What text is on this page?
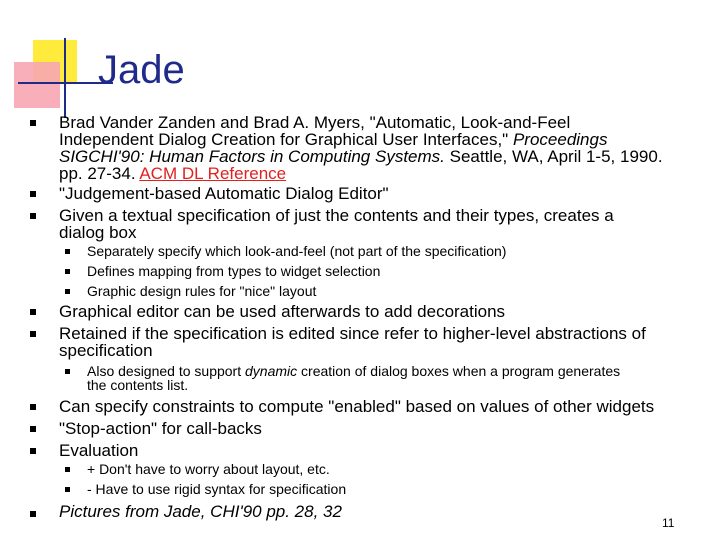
Jade
Brad Vander Zanden and Brad A. Myers, "Automatic, Look-and-Feel
Independent Dialog Creation for Graphical User Interfaces," Proceedings
SIGCHI'90: Human Factors in Computing Systems. Seattle, WA, April 1-5, 1990.
pp. 27-34. ACM DL Reference
"Judgement-based Automatic Dialog Editor"
Given a textual specification of just the contents and their types, creates a
dialog box
Separately specify which look-and-feel (not part of the specification)
Defines mapping from types to widget selection
Graphic design rules for "nice" layout
Graphical editor can be used afterwards to add decorations
Retained if the specification is edited since refer to higher-level abstractions of
specification
Also designed to support dynamic creation of dialog boxes when a program generates
the contents list.
Can specify constraints to compute "enabled" based on values of other widgets
"Stop-action" for call-backs
Evaluation
+ Don't have to worry about layout, etc.
- Have to use rigid syntax for specification
Pictures from Jade, CHI'90 pp. 28, 32
11
